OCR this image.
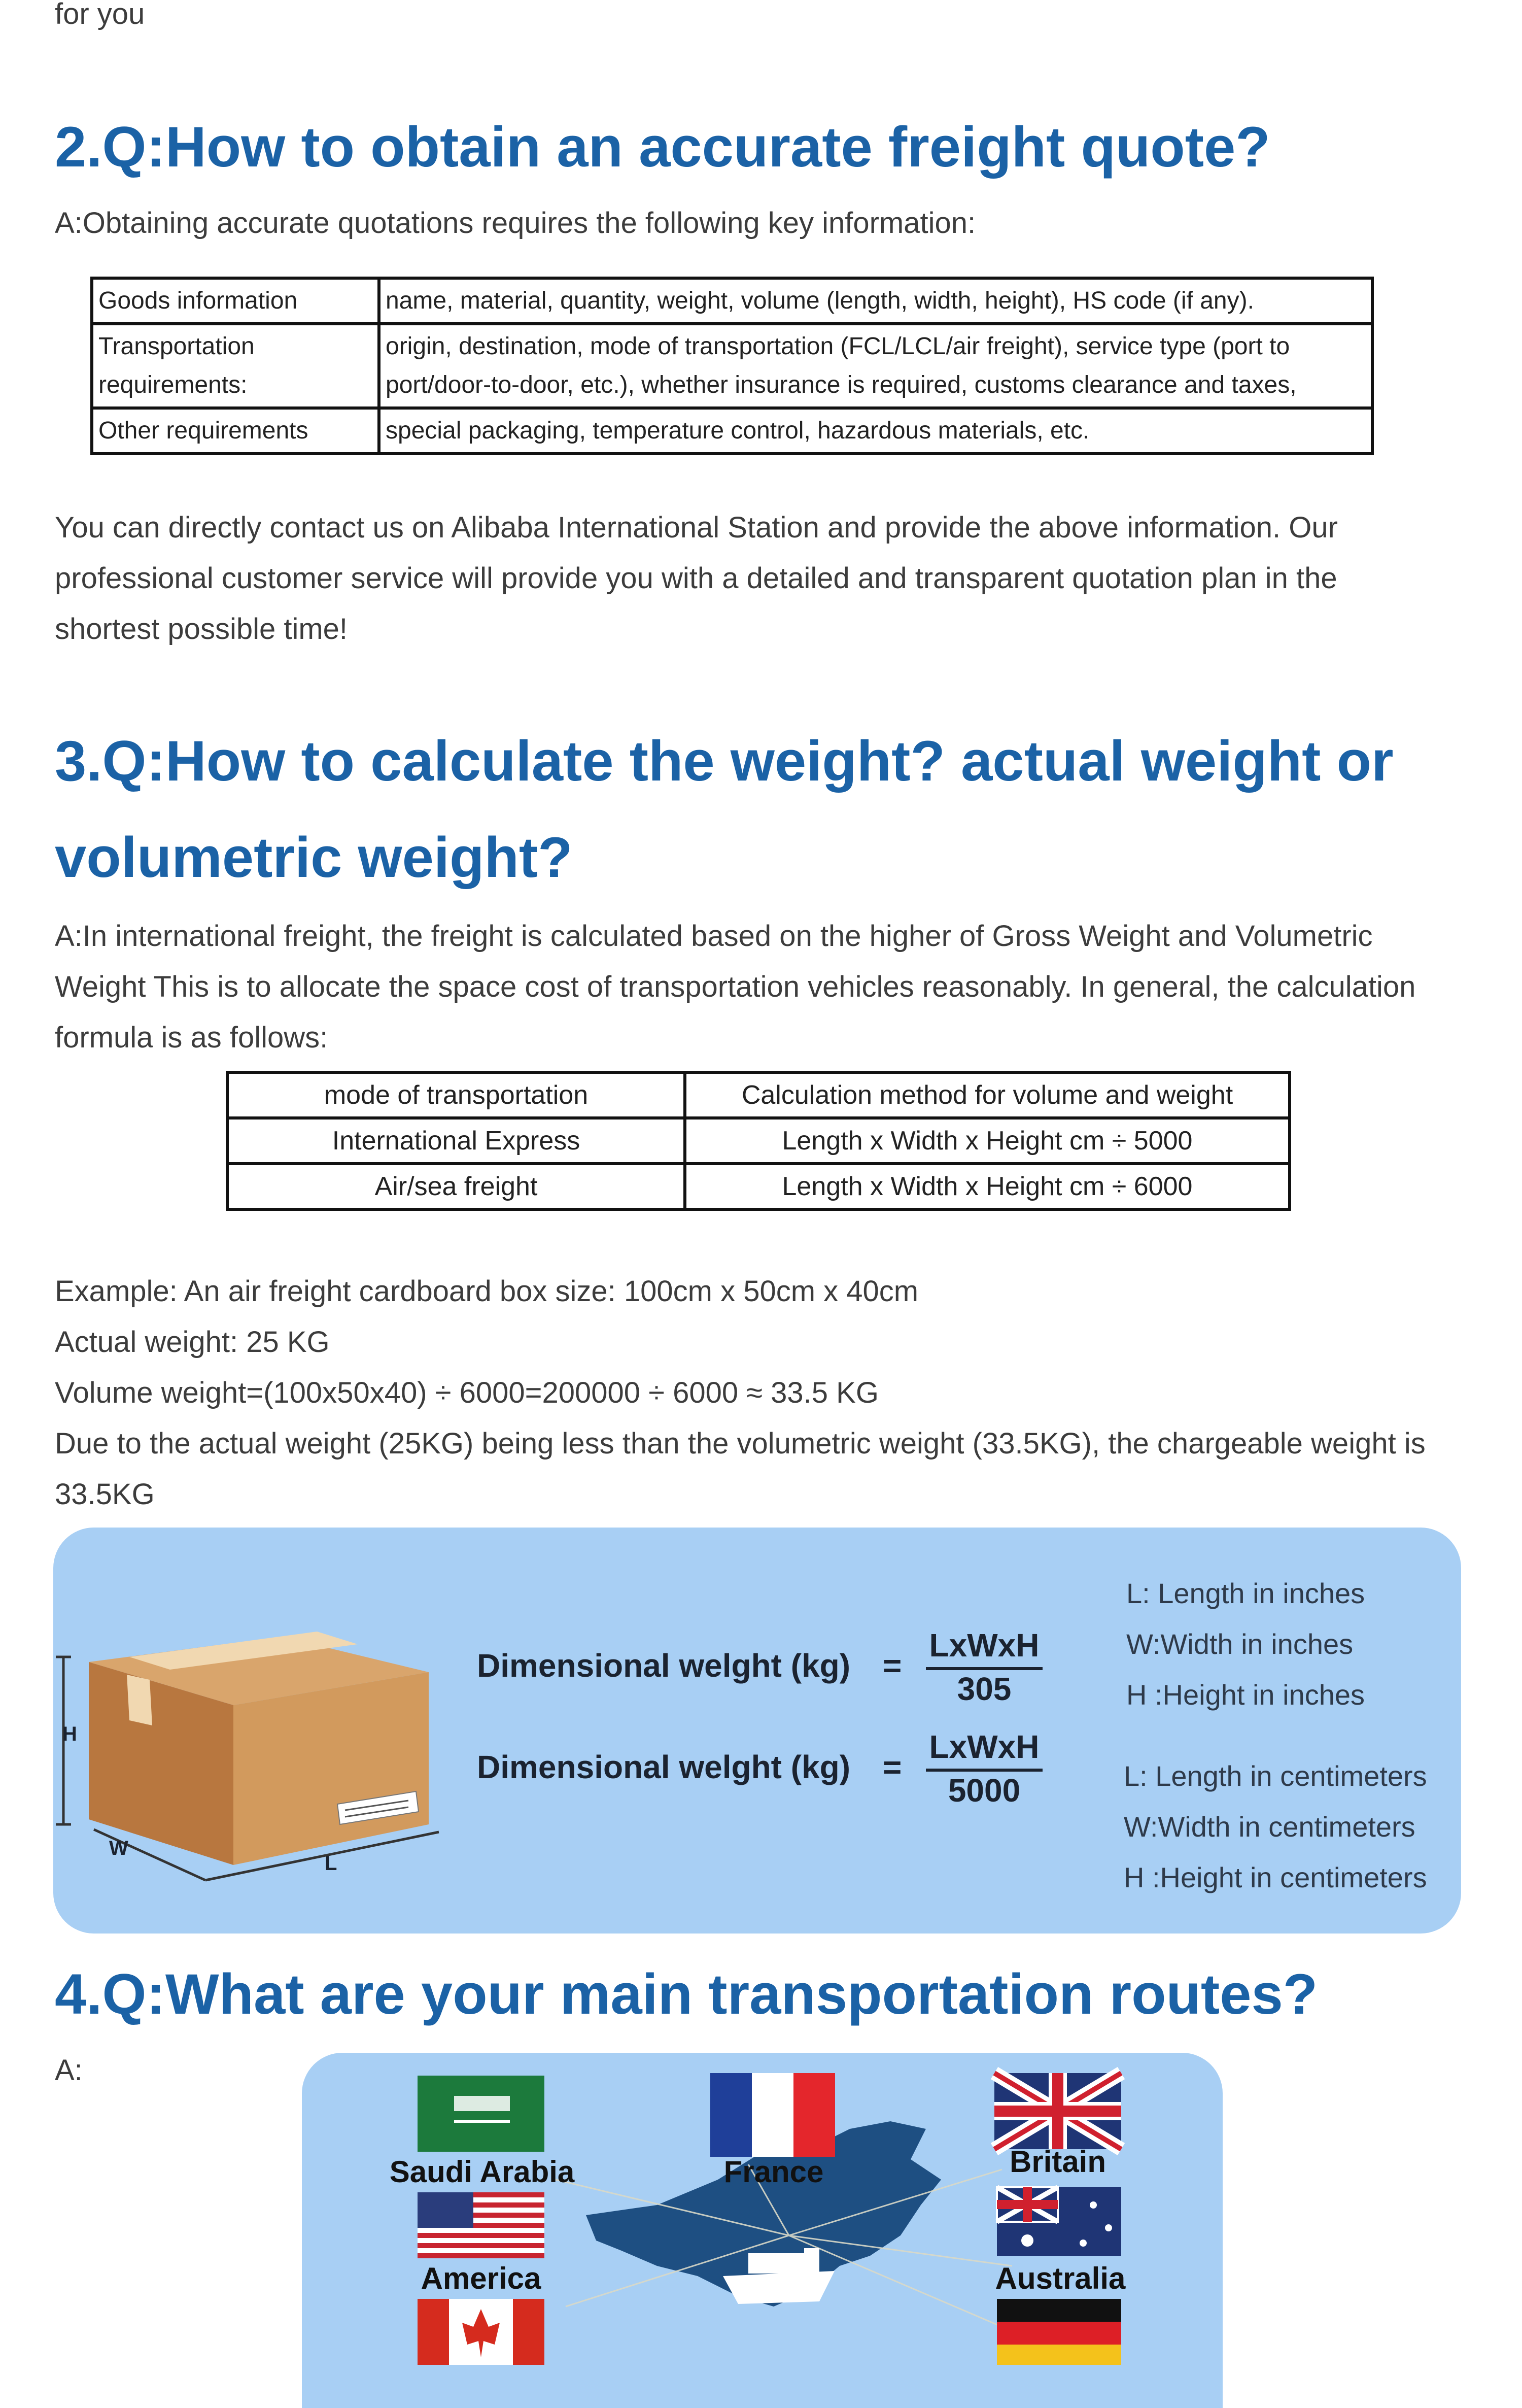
for you
2.Q:How to obtain an accurate freight quote?
A:Obtaining accurate quotations requires the following key information:
Goods information	name, material, quantity, weight, volume (length, width, height), HS code (if any).
Transportation requirements:	origin, destination, mode of transportation (FCL/LCL/air freight), service type (port to port/door-to-door, etc.), whether insurance is required, customs clearance and taxes,
Other requirements	special packaging, temperature control, hazardous materials, etc.
You can directly contact us on Alibaba International Station and provide the above information. Our
professional customer service will provide you with a detailed and transparent quotation plan in the
shortest possible time!
3.Q:How to calculate the weight? actual weight or
volumetric weight?
A:In international freight, the freight is calculated based on the higher of Gross Weight and Volumetric
Weight This is to allocate the space cost of transportation vehicles reasonably. In general, the calculation
formula is as follows:
mode of transportation	Calculation method for volume and weight
International Express	Length x Width x Height cm ÷ 5000
Air/sea freight	Length x Width x Height cm ÷ 6000
Example: An air freight cardboard box size: 100cm x 50cm x 40cm
Actual weight: 25 KG
Volume weight=(100x50x40) ÷ 6000=200000 ÷ 6000 ≈ 33.5 KG
Due to the actual weight (25KG) being less than the volumetric weight (33.5KG), the chargeable weight is
33.5KG
H
W
L
Dimensional welght (kg) =
LxWxH
305
Dimensional welght (kg) =
LxWxH
5000
L: Length in inches
W:Width in inches
H :Height in inches
L: Length in centimeters
W:Width in centimeters
H :Height in centimeters
4.Q:What are your main transportation routes?
A:
Saudi Arabia	France	Britain
America	Australia
